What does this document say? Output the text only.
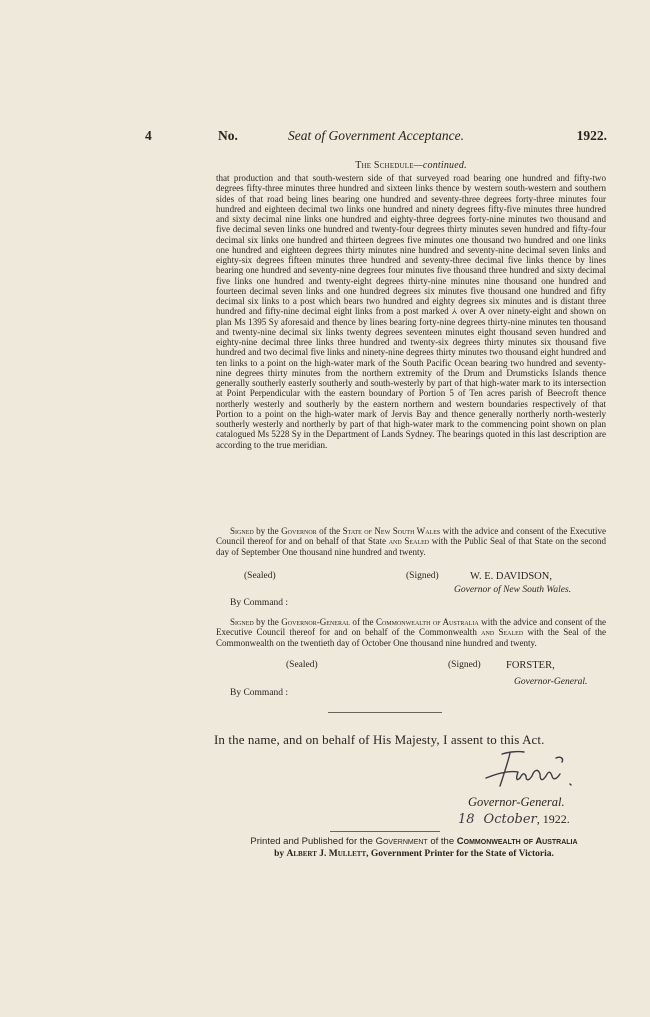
4	No.	Seat of Government Acceptance.	1922.
The Schedule—continued.

that production and that south-western side of that surveyed road bearing one hundred and fifty-two degrees fifty-three minutes three hundred and sixteen links thence by western south-western and southern sides of that road being lines bearing one hundred and seventy-three degrees forty-three minutes four hundred and eighteen decimal two links one hundred and ninety degrees fifty-five minutes three hundred and sixty decimal nine links one hundred and eighty-three degrees forty-nine minutes two thousand and five decimal seven links one hundred and twenty-four degrees thirty minutes seven hundred and fifty-four decimal six links one hundred and thirteen degrees five minutes one thousand two hundred and one links one hundred and eighteen degrees thirty minutes nine hundred and seventy-nine decimal seven links and eighty-six degrees fifteen minutes three hundred and seventy-three decimal five links thence by lines bearing one hundred and seventy-nine degrees four minutes five thousand three hundred and sixty decimal five links one hundred and twenty-eight degrees thirty-nine minutes nine thousand one hundred and fourteen decimal seven links and one hundred degrees six minutes five thousand one hundred and fifty decimal six links to a post which bears two hundred and eighty degrees six minutes and is distant three hundred and fifty-nine decimal eight links from a post marked ⩑ over A over ninety-eight and shown on plan Ms 1395 Sy aforesaid and thence by lines bearing forty-nine degrees thirty-nine minutes ten thousand and twenty-nine decimal six links twenty degrees seventeen minutes eight thousand seven hundred and eighty-nine decimal three links three hundred and twenty-six degrees thirty minutes six thousand five hundred and two decimal five links and ninety-nine degrees thirty minutes two thousand eight hundred and ten links to a point on the high-water mark of the South Pacific Ocean bearing two hundred and seventy-nine degrees thirty minutes from the northern extremity of the Drum and Drumsticks Islands thence generally southerly easterly southerly and south-westerly by part of that high-water mark to its intersection at Point Perpendicular with the eastern boundary of Portion 5 of Ten acres parish of Beecroft thence northerly westerly and southerly by the eastern northern and western boundaries respectively of that Portion to a point on the high-water mark of Jervis Bay and thence generally northerly north-westerly southerly westerly and northerly by part of that high-water mark to the commencing point shown on plan catalogued Ms 5228 Sy in the Department of Lands Sydney. The bearings quoted in this last description are according to the true meridian.

Signed by the Governor of the State of New South Wales with the advice and consent of the Executive Council thereof for and on behalf of that State and Sealed with the Public Seal of that State on the second day of September One thousand nine hundred and twenty.

(Sealed)	(Signed)	W. E. DAVIDSON,
Governor of New South Wales.
By Command :

Signed by the Governor-General of the Commonwealth of Australia with the advice and consent of the Executive Council thereof for and on behalf of the Commonwealth and Sealed with the Seal of the Commonwealth on the twentieth day of October One thousand nine hundred and twenty.

(Sealed)	(Signed) FORSTER,
Governor-General.
By Command :
In the name, and on behalf of His Majesty, I assent to this Act.
Governor-General.
18 October, 1922.
Printed and Published for the Government of the Commonwealth of Australia
by Albert J. Mullett, Government Printer for the State of Victoria.
